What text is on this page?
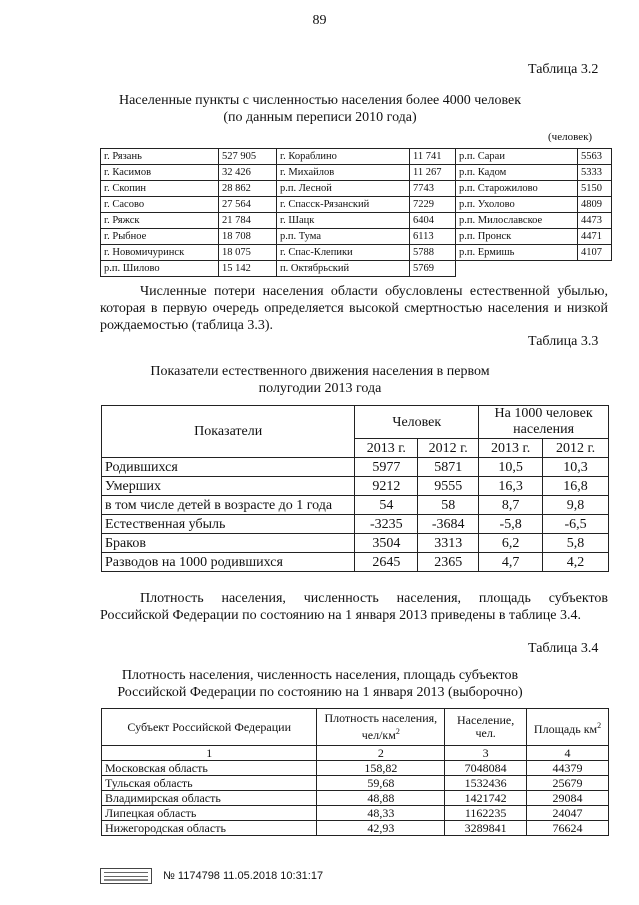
89
Таблица 3.2
Населенные пункты с численностью населения более 4000 человек
(по данным переписи 2010 года)
(человек)
г. Рязань	527 905	г. Кораблино	11 741	р.п. Сараи	5563
г. Касимов	32 426	г. Михайлов	11 267	р.п. Кадом	5333
г. Скопин	28 862	р.п. Лесной	7743	р.п. Старожилово	5150
г. Сасово	27 564	г. Спасск-Рязанский	7229	р.п. Ухолово	4809
г. Ряжск	21 784	г. Шацк	6404	р.п. Милославское	4473
г. Рыбное	18 708	р.п. Тума	6113	р.п. Пронск	4471
г. Новомичуринск	18 075	г. Спас-Клепики	5788	р.п. Ермишь	4107
р.п. Шилово	15 142	п. Октябрьский	5769		
Численные потери населения области обусловлены естественной убылью, которая в первую очередь определяется высокой смертностью населения и низкой рождаемостью (таблица 3.3).
Таблица 3.3
Показатели естественного движения населения в первом
полугодии 2013 года
Показатели	Человек		На 1000 человек населения	
	2013 г.	2012 г.	2013 г.	2012 г.
Родившихся	5977	5871	10,5	10,3
Умерших	9212	9555	16,3	16,8
в том числе детей в возрасте до 1 года	54	58	8,7	9,8
Естественная убыль	-3235	-3684	-5,8	-6,5
Браков	3504	3313	6,2	5,8
Разводов на 1000 родившихся	2645	2365	4,7	4,2
Плотность населения, численность населения, площадь субъектов Российской Федерации по состоянию на 1 января 2013 приведены в таблице 3.4.
Таблица 3.4
Плотность населения, численность населения, площадь субъектов
Российской Федерации по состоянию на 1 января 2013 (выборочно)
Субъект Российской Федерации	Плотность населения, чел/$км^2$	Население, чел.	Площадь $км^2$
1	2	3	4
Московская область	158,82	7048084	44379
Тульская область	59,68	1532436	25679
Владимирская область	48,88	1421742	29084
Липецкая область	48,33	1162235	24047
Нижегородская область	42,93	3289841	76624
№ 1174798 11.05.2018 10:31:17
